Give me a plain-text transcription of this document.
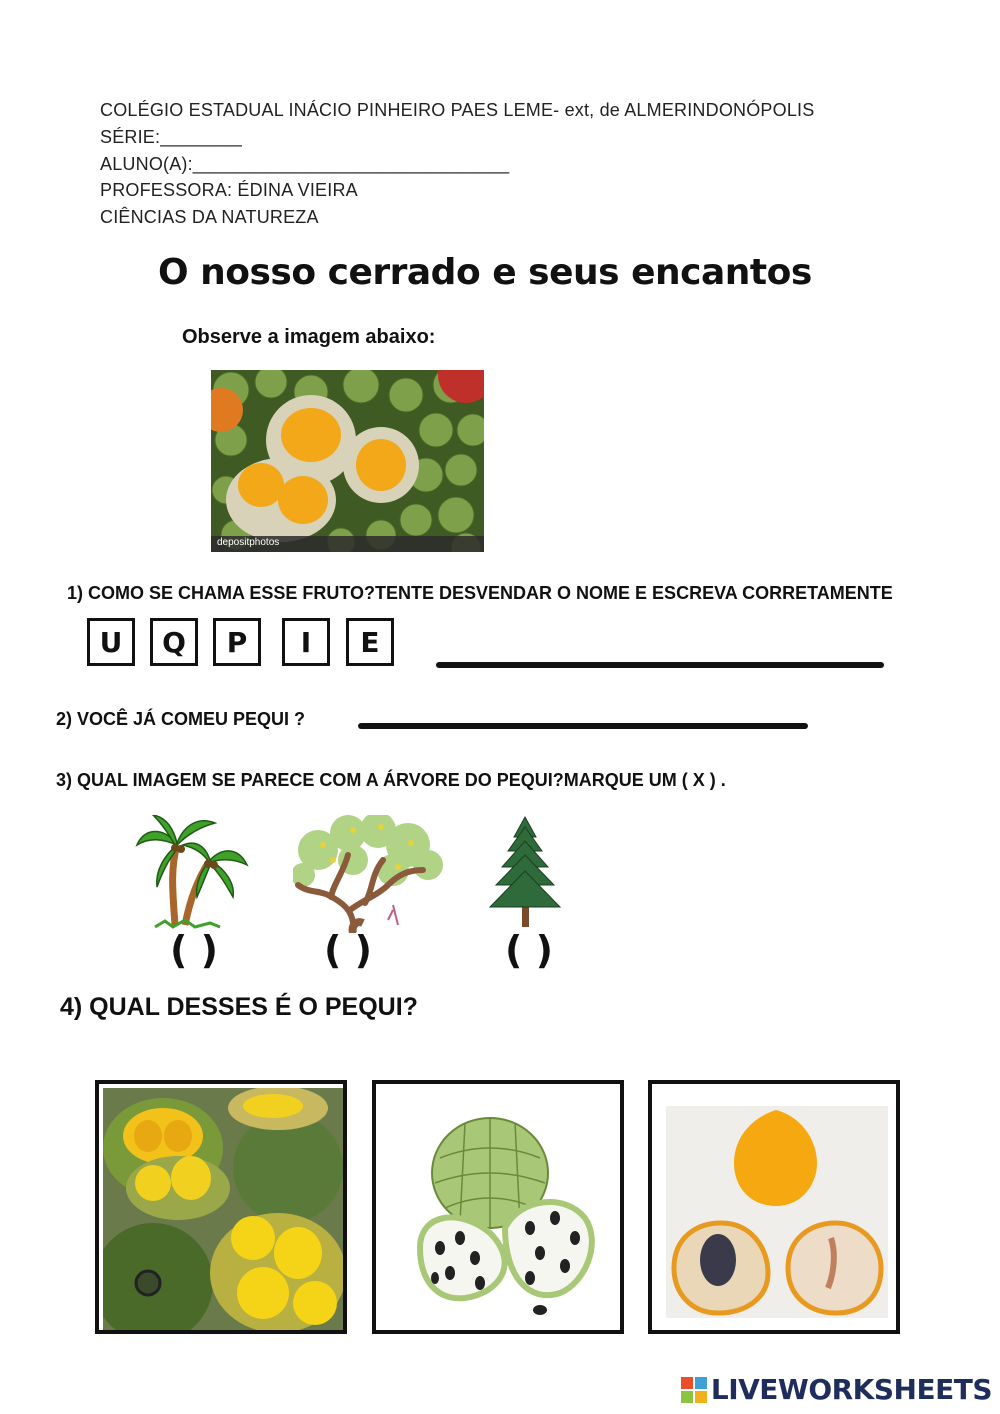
COLÉGIO ESTADUAL INÁCIO PINHEIRO PAES LEME- ext, de ALMERINDONÓPOLIS
SÉRIE:________
ALUNO(A):_______________________________
PROFESSORA: ÉDINA VIEIRA
CIÊNCIAS DA NATUREZA
O nosso cerrado e seus encantos
Observe a imagem abaixo:
depositphotos
1) COMO SE CHAMA ESSE FRUTO?TENTE DESVENDAR O NOME E ESCREVA CORRETAMENTE
U	Q	P	I	E
2) VOCÊ JÁ COMEU PEQUI ?
3) QUAL IMAGEM SE PARECE COM A ÁRVORE DO PEQUI?MARQUE UM ( X ) .
( )	( )	( )
4) QUAL DESSES É O PEQUI?
LIVEWORKSHEETS
